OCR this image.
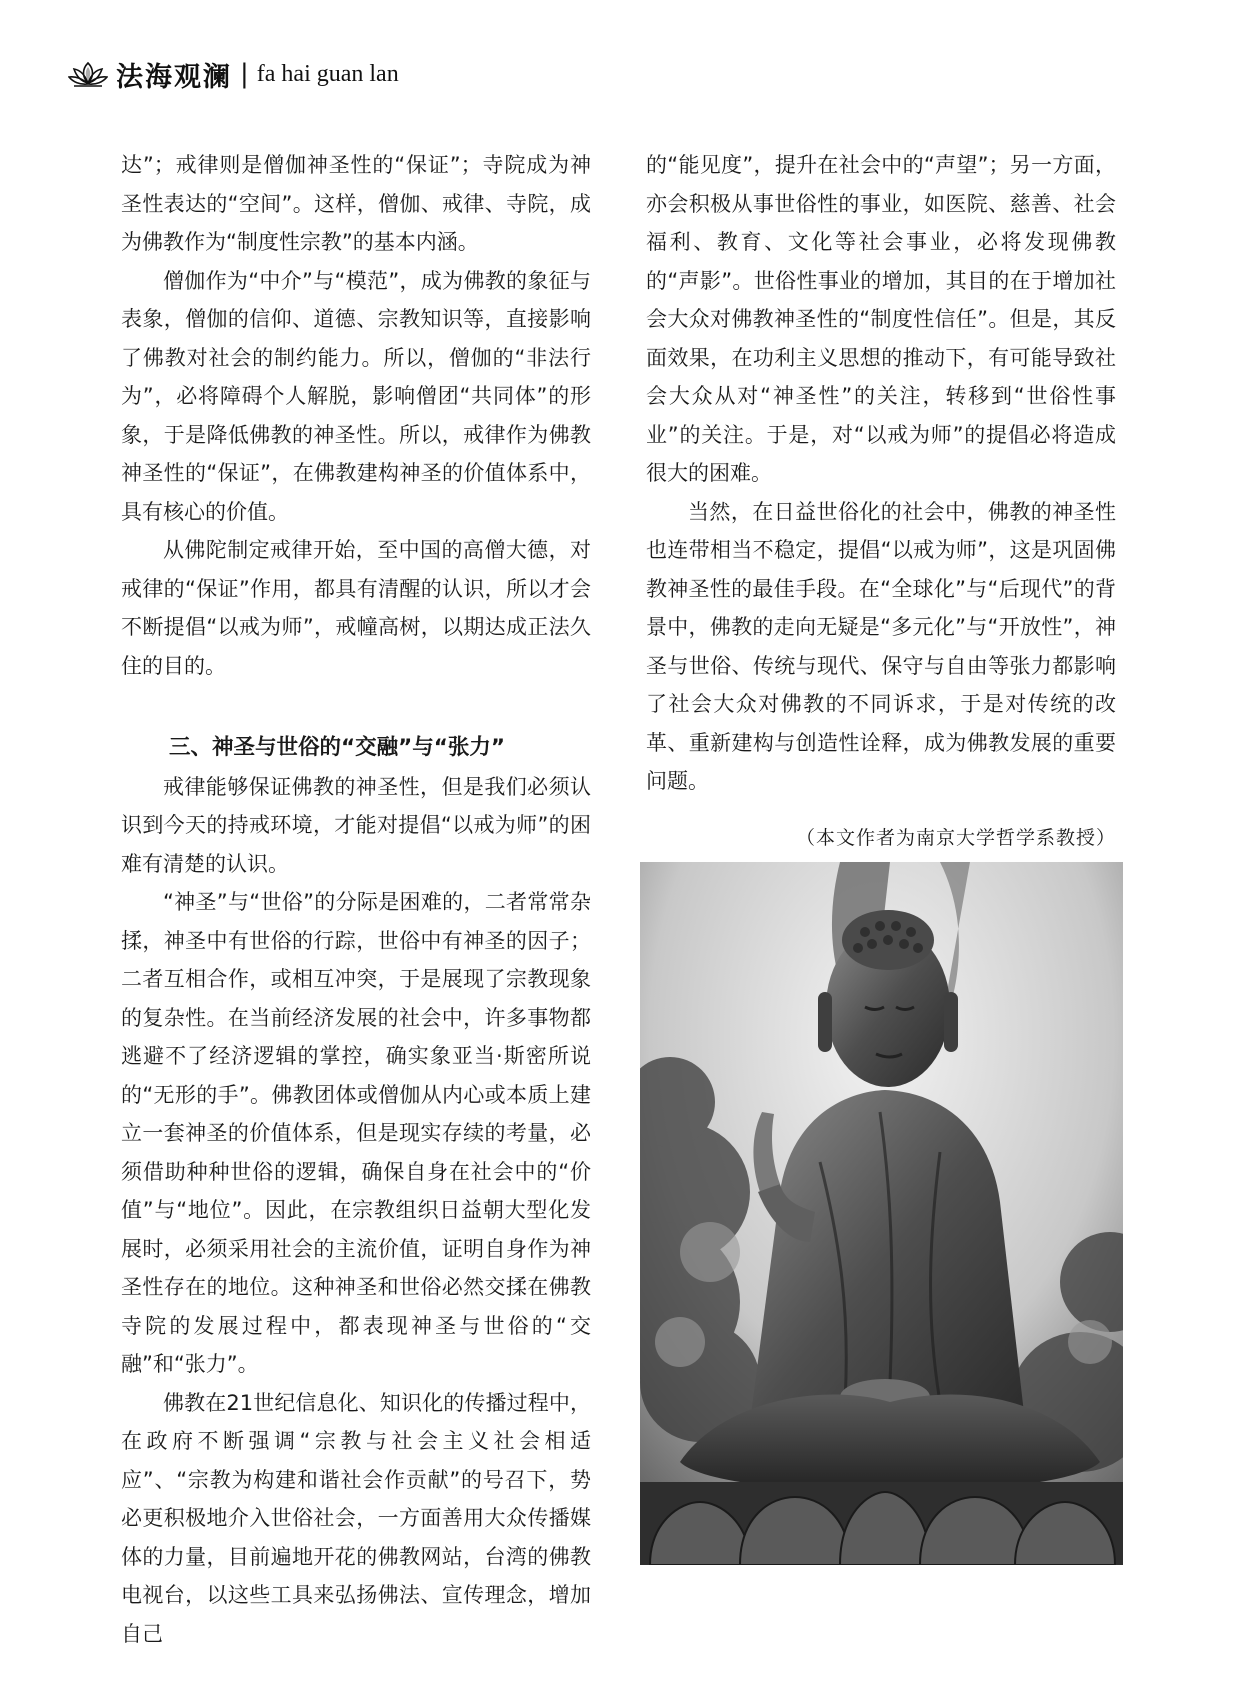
法海观澜 | fa hai guan lan

达”；戒律则是僧伽神圣性的“保证”；寺院成为神圣性表达的“空间”。这样，僧伽、戒律、寺院，成为佛教作为“制度性宗教”的基本内涵。

僧伽作为“中介”与“模范”，成为佛教的象征与表象，僧伽的信仰、道德、宗教知识等，直接影响了佛教对社会的制约能力。所以，僧伽的“非法行为”，必将障碍个人解脱，影响僧团“共同体”的形象，于是降低佛教的神圣性。所以，戒律作为佛教神圣性的“保证”，在佛教建构神圣的价值体系中，具有核心的价值。

从佛陀制定戒律开始，至中国的高僧大德，对戒律的“保证”作用，都具有清醒的认识，所以才会不断提倡“以戒为师”，戒幢高树，以期达成正法久住的目的。

三、神圣与世俗的“交融”与“张力”

戒律能够保证佛教的神圣性，但是我们必须认识到今天的持戒环境，才能对提倡“以戒为师”的困难有清楚的认识。

“神圣”与“世俗”的分际是困难的，二者常常杂揉，神圣中有世俗的行踪，世俗中有神圣的因子；二者互相合作，或相互冲突，于是展现了宗教现象的复杂性。在当前经济发展的社会中，许多事物都逃避不了经济逻辑的掌控，确实象亚当·斯密所说的“无形的手”。佛教团体或僧伽从内心或本质上建立一套神圣的价值体系，但是现实存续的考量，必须借助种种世俗的逻辑，确保自身在社会中的“价值”与“地位”。因此，在宗教组织日益朝大型化发展时，必须采用社会的主流价值，证明自身作为神圣性存在的地位。这种神圣和世俗必然交揉在佛教寺院的发展过程中，都表现神圣与世俗的“交融”和“张力”。

佛教在21世纪信息化、知识化的传播过程中，在政府不断强调“宗教与社会主义社会相适应”、“宗教为构建和谐社会作贡献”的号召下，势必更积极地介入世俗社会，一方面善用大众传播媒体的力量，目前遍地开花的佛教网站，台湾的佛教电视台，以这些工具来弘扬佛法、宣传理念，增加自己

的“能见度”，提升在社会中的“声望”；另一方面，亦会积极从事世俗性的事业，如医院、慈善、社会福利、教育、文化等社会事业，必将发现佛教的“声影”。世俗性事业的增加，其目的在于增加社会大众对佛教神圣性的“制度性信任”。但是，其反面效果，在功利主义思想的推动下，有可能导致社会大众从对“神圣性”的关注，转移到“世俗性事业”的关注。于是，对“以戒为师”的提倡必将造成很大的困难。

当然，在日益世俗化的社会中，佛教的神圣性也连带相当不稳定，提倡“以戒为师”，这是巩固佛教神圣性的最佳手段。在“全球化”与“后现代”的背景中，佛教的走向无疑是“多元化”与“开放性”，神圣与世俗、传统与现代、保守与自由等张力都影响了社会大众对佛教的不同诉求，于是对传统的改革、重新建构与创造性诠释，成为佛教发展的重要问题。

（本文作者为南京大学哲学系教授）
